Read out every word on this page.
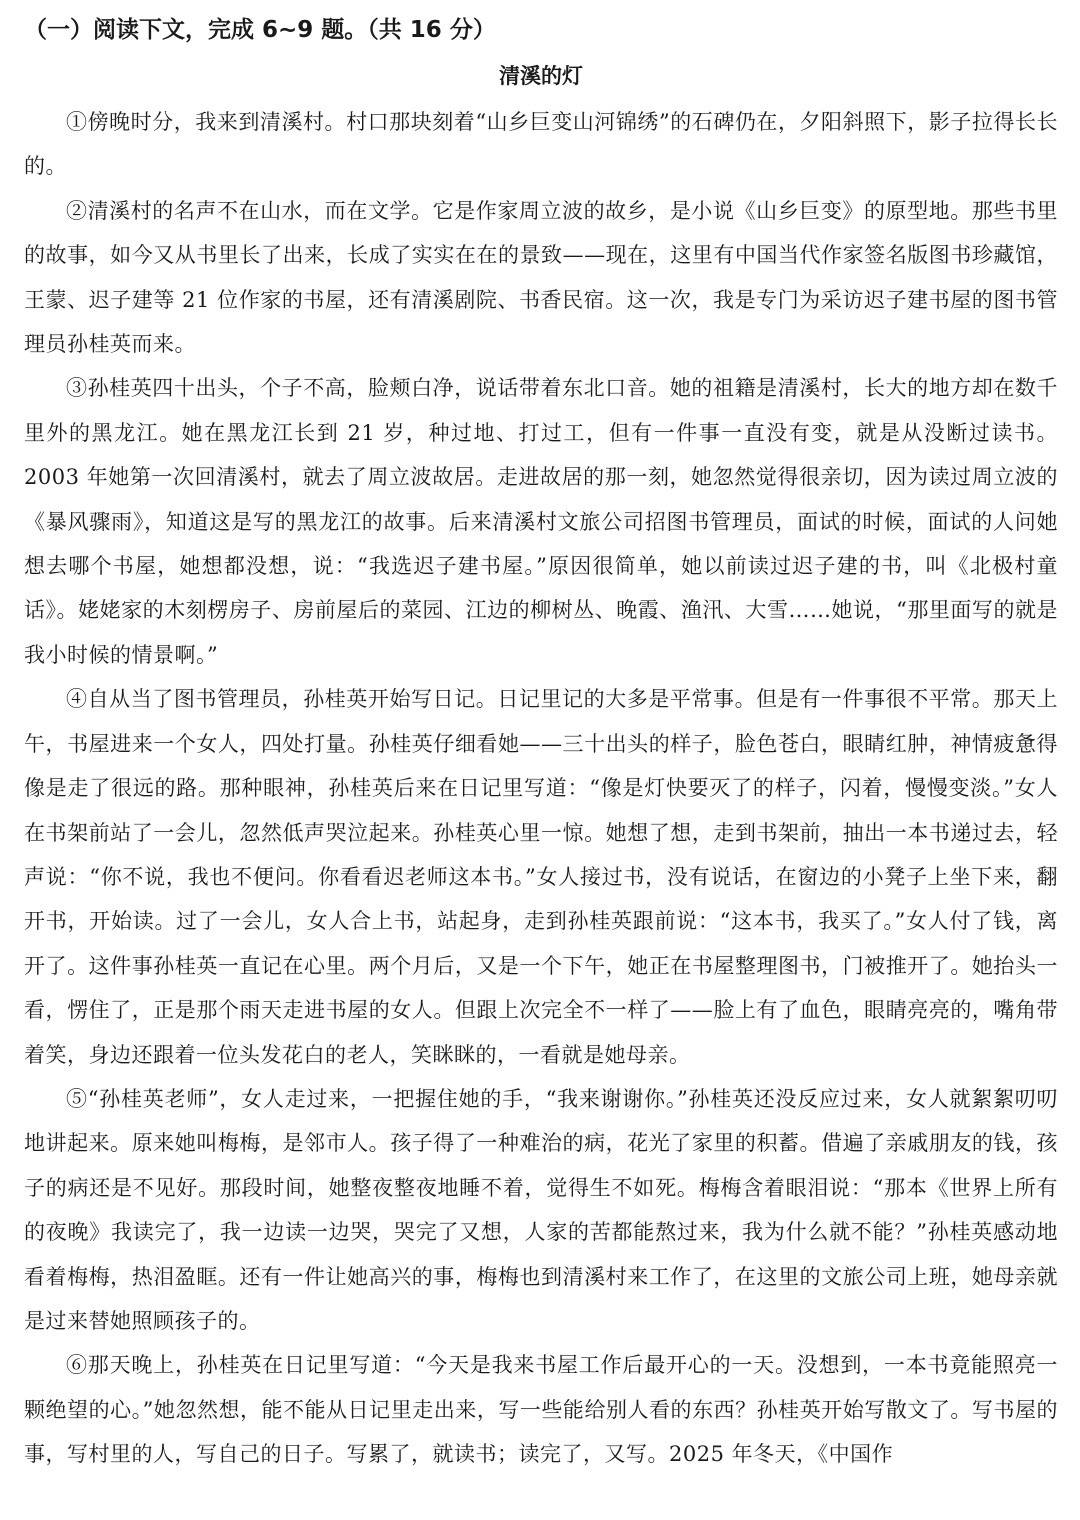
（一）阅读下文，完成 6~9 题。（共 16 分）
清溪的灯

①傍晚时分，我来到清溪村。村口那块刻着“山乡巨变山河锦绣”的石碑仍在，夕阳斜照下，影子拉得长长的。

②清溪村的名声不在山水，而在文学。它是作家周立波的故乡，是小说《山乡巨变》的原型地。那些书里的故事，如今又从书里长了出来，长成了实实在在的景致——现在，这里有中国当代作家签名版图书珍藏馆，王蒙、迟子建等 21 位作家的书屋，还有清溪剧院、书香民宿。这一次，我是专门为采访迟子建书屋的图书管理员孙桂英而来。

③孙桂英四十出头，个子不高，脸颊白净，说话带着东北口音。她的祖籍是清溪村，长大的地方却在数千里外的黑龙江。她在黑龙江长到 21 岁，种过地、打过工，但有一件事一直没有变，就是从没断过读书。2003 年她第一次回清溪村，就去了周立波故居。走进故居的那一刻，她忽然觉得很亲切，因为读过周立波的《暴风骤雨》，知道这是写的黑龙江的故事。后来清溪村文旅公司招图书管理员，面试的时候，面试的人问她想去哪个书屋，她想都没想，说：“我选迟子建书屋。”原因很简单，她以前读过迟子建的书，叫《北极村童话》。姥姥家的木刻楞房子、房前屋后的菜园、江边的柳树丛、晚霞、渔汛、大雪……她说，“那里面写的就是我小时候的情景啊。”

④自从当了图书管理员，孙桂英开始写日记。日记里记的大多是平常事。但是有一件事很不平常。那天上午，书屋进来一个女人，四处打量。孙桂英仔细看她——三十出头的样子，脸色苍白，眼睛红肿，神情疲惫得像是走了很远的路。那种眼神，孙桂英后来在日记里写道：“像是灯快要灭了的样子，闪着，慢慢变淡。”女人在书架前站了一会儿，忽然低声哭泣起来。孙桂英心里一惊。她想了想，走到书架前，抽出一本书递过去，轻声说：“你不说，我也不便问。你看看迟老师这本书。”女人接过书，没有说话，在窗边的小凳子上坐下来，翻开书，开始读。过了一会儿，女人合上书，站起身，走到孙桂英跟前说：“这本书，我买了。”女人付了钱，离开了。这件事孙桂英一直记在心里。两个月后，又是一个下午，她正在书屋整理图书，门被推开了。她抬头一看，愣住了，正是那个雨天走进书屋的女人。但跟上次完全不一样了——脸上有了血色，眼睛亮亮的，嘴角带着笑，身边还跟着一位头发花白的老人，笑眯眯的，一看就是她母亲。

⑤“孙桂英老师”，女人走过来，一把握住她的手，“我来谢谢你。”孙桂英还没反应过来，女人就絮絮叨叨地讲起来。原来她叫梅梅，是邻市人。孩子得了一种难治的病，花光了家里的积蓄。借遍了亲戚朋友的钱，孩子的病还是不见好。那段时间，她整夜整夜地睡不着，觉得生不如死。梅梅含着眼泪说：“那本《世界上所有的夜晚》我读完了，我一边读一边哭，哭完了又想，人家的苦都能熬过来，我为什么就不能？”孙桂英感动地看着梅梅，热泪盈眶。还有一件让她高兴的事，梅梅也到清溪村来工作了，在这里的文旅公司上班，她母亲就是过来替她照顾孩子的。

⑥那天晚上，孙桂英在日记里写道：“今天是我来书屋工作后最开心的一天。没想到，一本书竟能照亮一颗绝望的心。”她忽然想，能不能从日记里走出来，写一些能给别人看的东西？孙桂英开始写散文了。写书屋的事，写村里的人，写自己的日子。写累了，就读书；读完了，又写。2025 年冬天，《中国作
